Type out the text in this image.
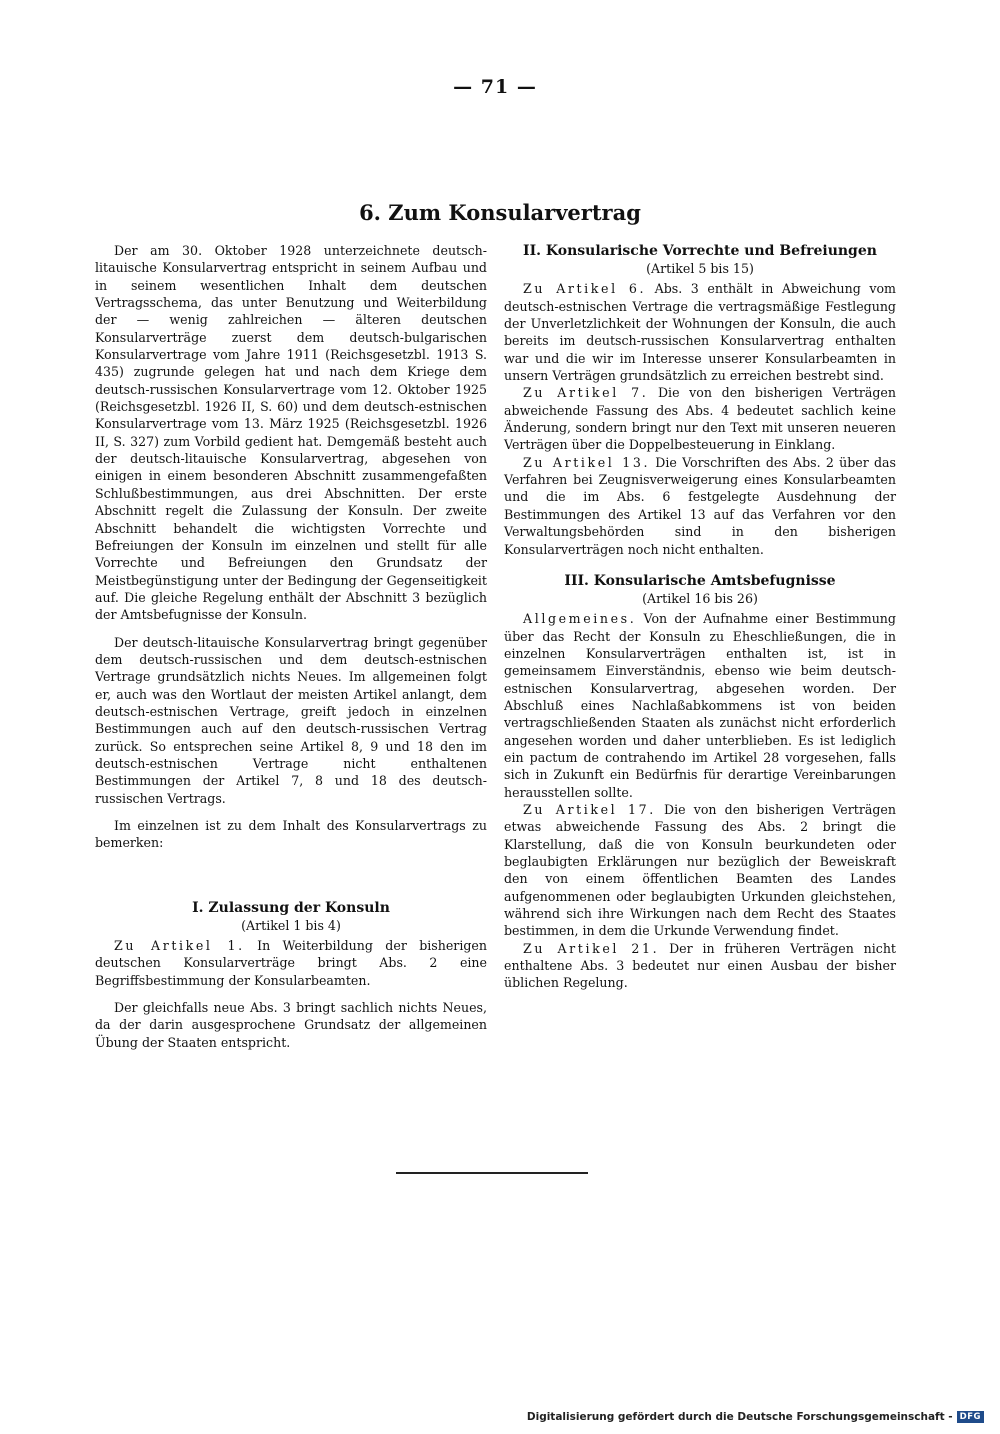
— 71 —
6. Zum Konsularvertrag

Der am 30. Oktober 1928 unterzeichnete deutsch-litauische Konsularvertrag entspricht in seinem Aufbau und in seinem wesentlichen Inhalt dem deutschen Vertragsschema, das unter Benutzung und Weiterbildung der — wenig zahlreichen — älteren deutschen Konsularverträge zuerst dem deutsch-bulgarischen Konsularvertrage vom Jahre 1911 (Reichsgesetzbl. 1913 S. 435) zugrunde gelegen hat und nach dem Kriege dem deutsch-russischen Konsularvertrage vom 12. Oktober 1925 (Reichsgesetzbl. 1926 II, S. 60) und dem deutsch-estnischen Konsularvertrage vom 13. März 1925 (Reichsgesetzbl. 1926 II, S. 327) zum Vorbild gedient hat. Demgemäß besteht auch der deutsch-litauische Konsularvertrag, abgesehen von einigen in einem besonderen Abschnitt zusammengefaßten Schlußbestimmungen, aus drei Abschnitten. Der erste Abschnitt regelt die Zulassung der Konsuln. Der zweite Abschnitt behandelt die wichtigsten Vorrechte und Befreiungen der Konsuln im einzelnen und stellt für alle Vorrechte und Befreiungen den Grundsatz der Meistbegünstigung unter der Bedingung der Gegenseitigkeit auf. Die gleiche Regelung enthält der Abschnitt 3 bezüglich der Amtsbefugnisse der Konsuln.

Der deutsch-litauische Konsularvertrag bringt gegenüber dem deutsch-russischen und dem deutsch-estnischen Vertrage grundsätzlich nichts Neues. Im allgemeinen folgt er, auch was den Wortlaut der meisten Artikel anlangt, dem deutsch-estnischen Vertrage, greift jedoch in einzelnen Bestimmungen auch auf den deutsch-russischen Vertrag zurück. So entsprechen seine Artikel 8, 9 und 18 den im deutsch-estnischen Vertrage nicht enthaltenen Bestimmungen der Artikel 7, 8 und 18 des deutsch-russischen Vertrags.

Im einzelnen ist zu dem Inhalt des Konsularvertrags zu bemerken:

I. Zulassung der Konsuln
(Artikel 1 bis 4)

Zu Artikel 1. In Weiterbildung der bisherigen deutschen Konsularverträge bringt Abs. 2 eine Begriffsbestimmung der Konsularbeamten.

Der gleichfalls neue Abs. 3 bringt sachlich nichts Neues, da der darin ausgesprochene Grundsatz der allgemeinen Übung der Staaten entspricht.

II. Konsularische Vorrechte und Befreiungen
(Artikel 5 bis 15)

Zu Artikel 6. Abs. 3 enthält in Abweichung vom deutsch-estnischen Vertrage die vertragsmäßige Festlegung der Unverletzlichkeit der Wohnungen der Konsuln, die auch bereits im deutsch-russischen Konsularvertrag enthalten war und die wir im Interesse unserer Konsularbeamten in unsern Verträgen grundsätzlich zu erreichen bestrebt sind.

Zu Artikel 7. Die von den bisherigen Verträgen abweichende Fassung des Abs. 4 bedeutet sachlich keine Änderung, sondern bringt nur den Text mit unseren neueren Verträgen über die Doppelbesteuerung in Einklang.

Zu Artikel 13. Die Vorschriften des Abs. 2 über das Verfahren bei Zeugnisverweigerung eines Konsularbeamten und die im Abs. 6 festgelegte Ausdehnung der Bestimmungen des Artikel 13 auf das Verfahren vor den Verwaltungsbehörden sind in den bisherigen Konsularverträgen noch nicht enthalten.

III. Konsularische Amtsbefugnisse
(Artikel 16 bis 26)

Allgemeines. Von der Aufnahme einer Bestimmung über das Recht der Konsuln zu Eheschließungen, die in einzelnen Konsularverträgen enthalten ist, ist in gemeinsamem Einverständnis, ebenso wie beim deutsch-estnischen Konsularvertrag, abgesehen worden. Der Abschluß eines Nachlaßabkommens ist von beiden vertragschließenden Staaten als zunächst nicht erforderlich angesehen worden und daher unterblieben. Es ist lediglich ein pactum de contrahendo im Artikel 28 vorgesehen, falls sich in Zukunft ein Bedürfnis für derartige Vereinbarungen herausstellen sollte.

Zu Artikel 17. Die von den bisherigen Verträgen etwas abweichende Fassung des Abs. 2 bringt die Klarstellung, daß die von Konsuln beurkundeten oder beglaubigten Erklärungen nur bezüglich der Beweiskraft den von einem öffentlichen Beamten des Landes aufgenommenen oder beglaubigten Urkunden gleichstehen, während sich ihre Wirkungen nach dem Recht des Staates bestimmen, in dem die Urkunde Verwendung findet.

Zu Artikel 21. Der in früheren Verträgen nicht enthaltene Abs. 3 bedeutet nur einen Ausbau der bisher üblichen Regelung.

Digitalisierung gefördert durch die Deutsche Forschungsgemeinschaft - DFG
